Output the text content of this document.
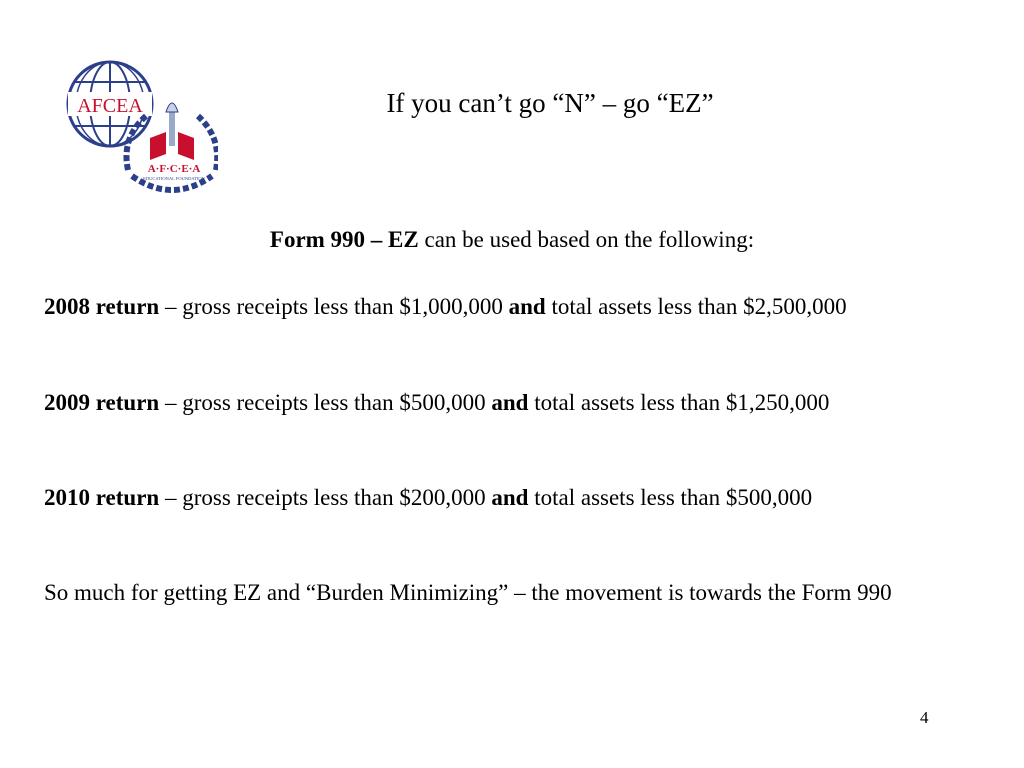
AFCEA
A·F·C·E·A
EDUCATIONAL FOUNDATION
If you can’t go “N” – go “EZ”

Form 990 – EZ can be used based on the following:

2008 return – gross receipts less than $1,000,000 and total assets less than $2,500,000

2009 return – gross receipts less than $500,000 and total assets less than $1,250,000

2010 return – gross receipts less than $200,000 and total assets less than $500,000

So much for getting EZ and “Burden Minimizing” – the movement is towards the Form 990

4
